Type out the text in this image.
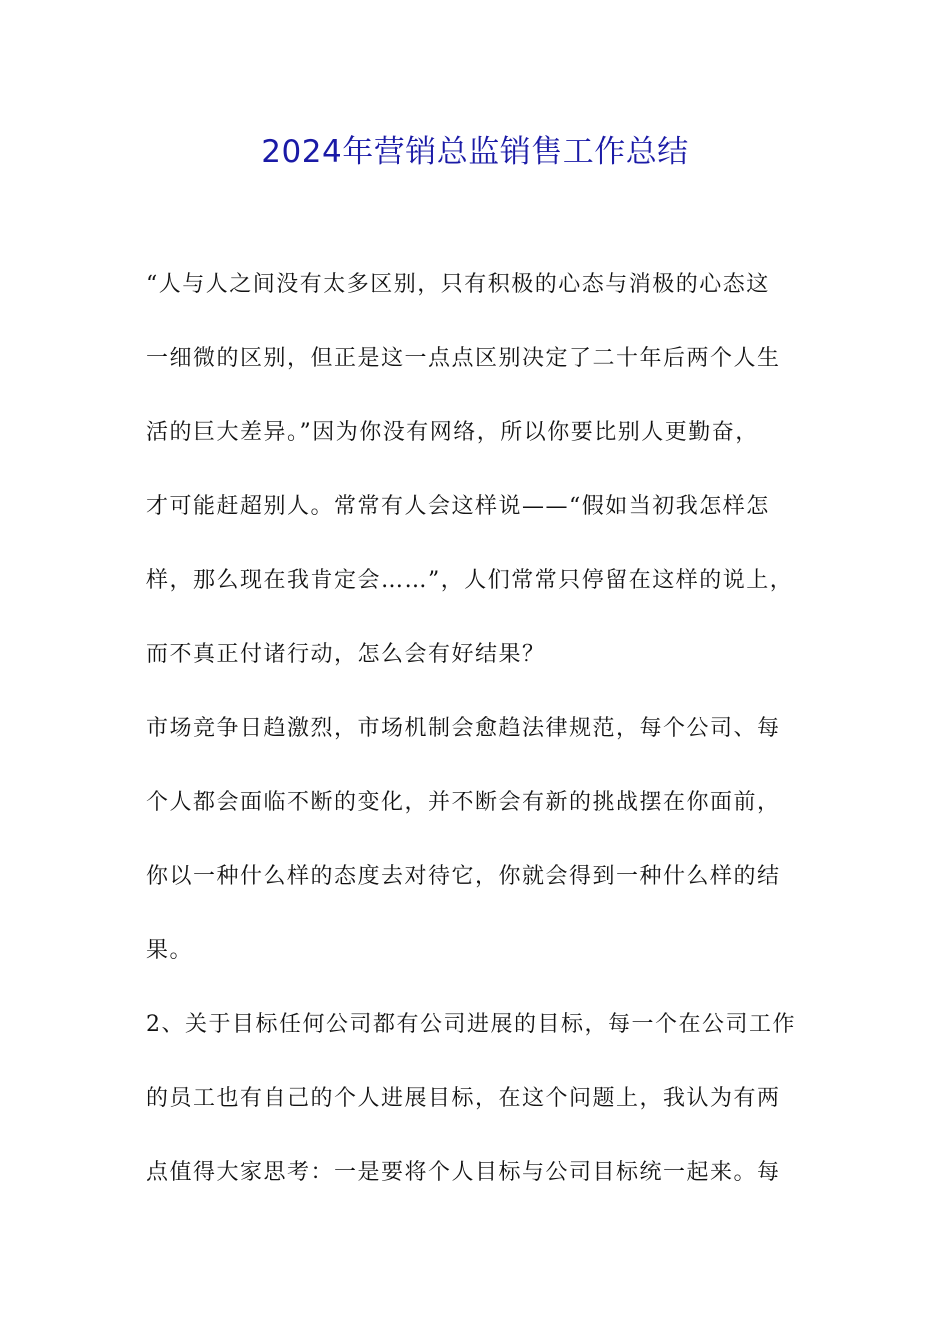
2024年营销总监销售工作总结
“人与人之间没有太多区别，只有积极的心态与消极的心态这
一细微的区别，但正是这一点点区别决定了二十年后两个人生
活的巨大差异。”因为你没有网络，所以你要比别人更勤奋，
才可能赶超别人。常常有人会这样说——“假如当初我怎样怎
样，那么现在我肯定会……”，人们常常只停留在这样的说上，
而不真正付诸行动，怎么会有好结果？
市场竞争日趋激烈，市场机制会愈趋法律规范，每个公司、每
个人都会面临不断的变化，并不断会有新的挑战摆在你面前，
你以一种什么样的态度去对待它，你就会得到一种什么样的结
果。
2、关于目标任何公司都有公司进展的目标，每一个在公司工作
的员工也有自己的个人进展目标，在这个问题上，我认为有两
点值得大家思考：一是要将个人目标与公司目标统一起来。每
